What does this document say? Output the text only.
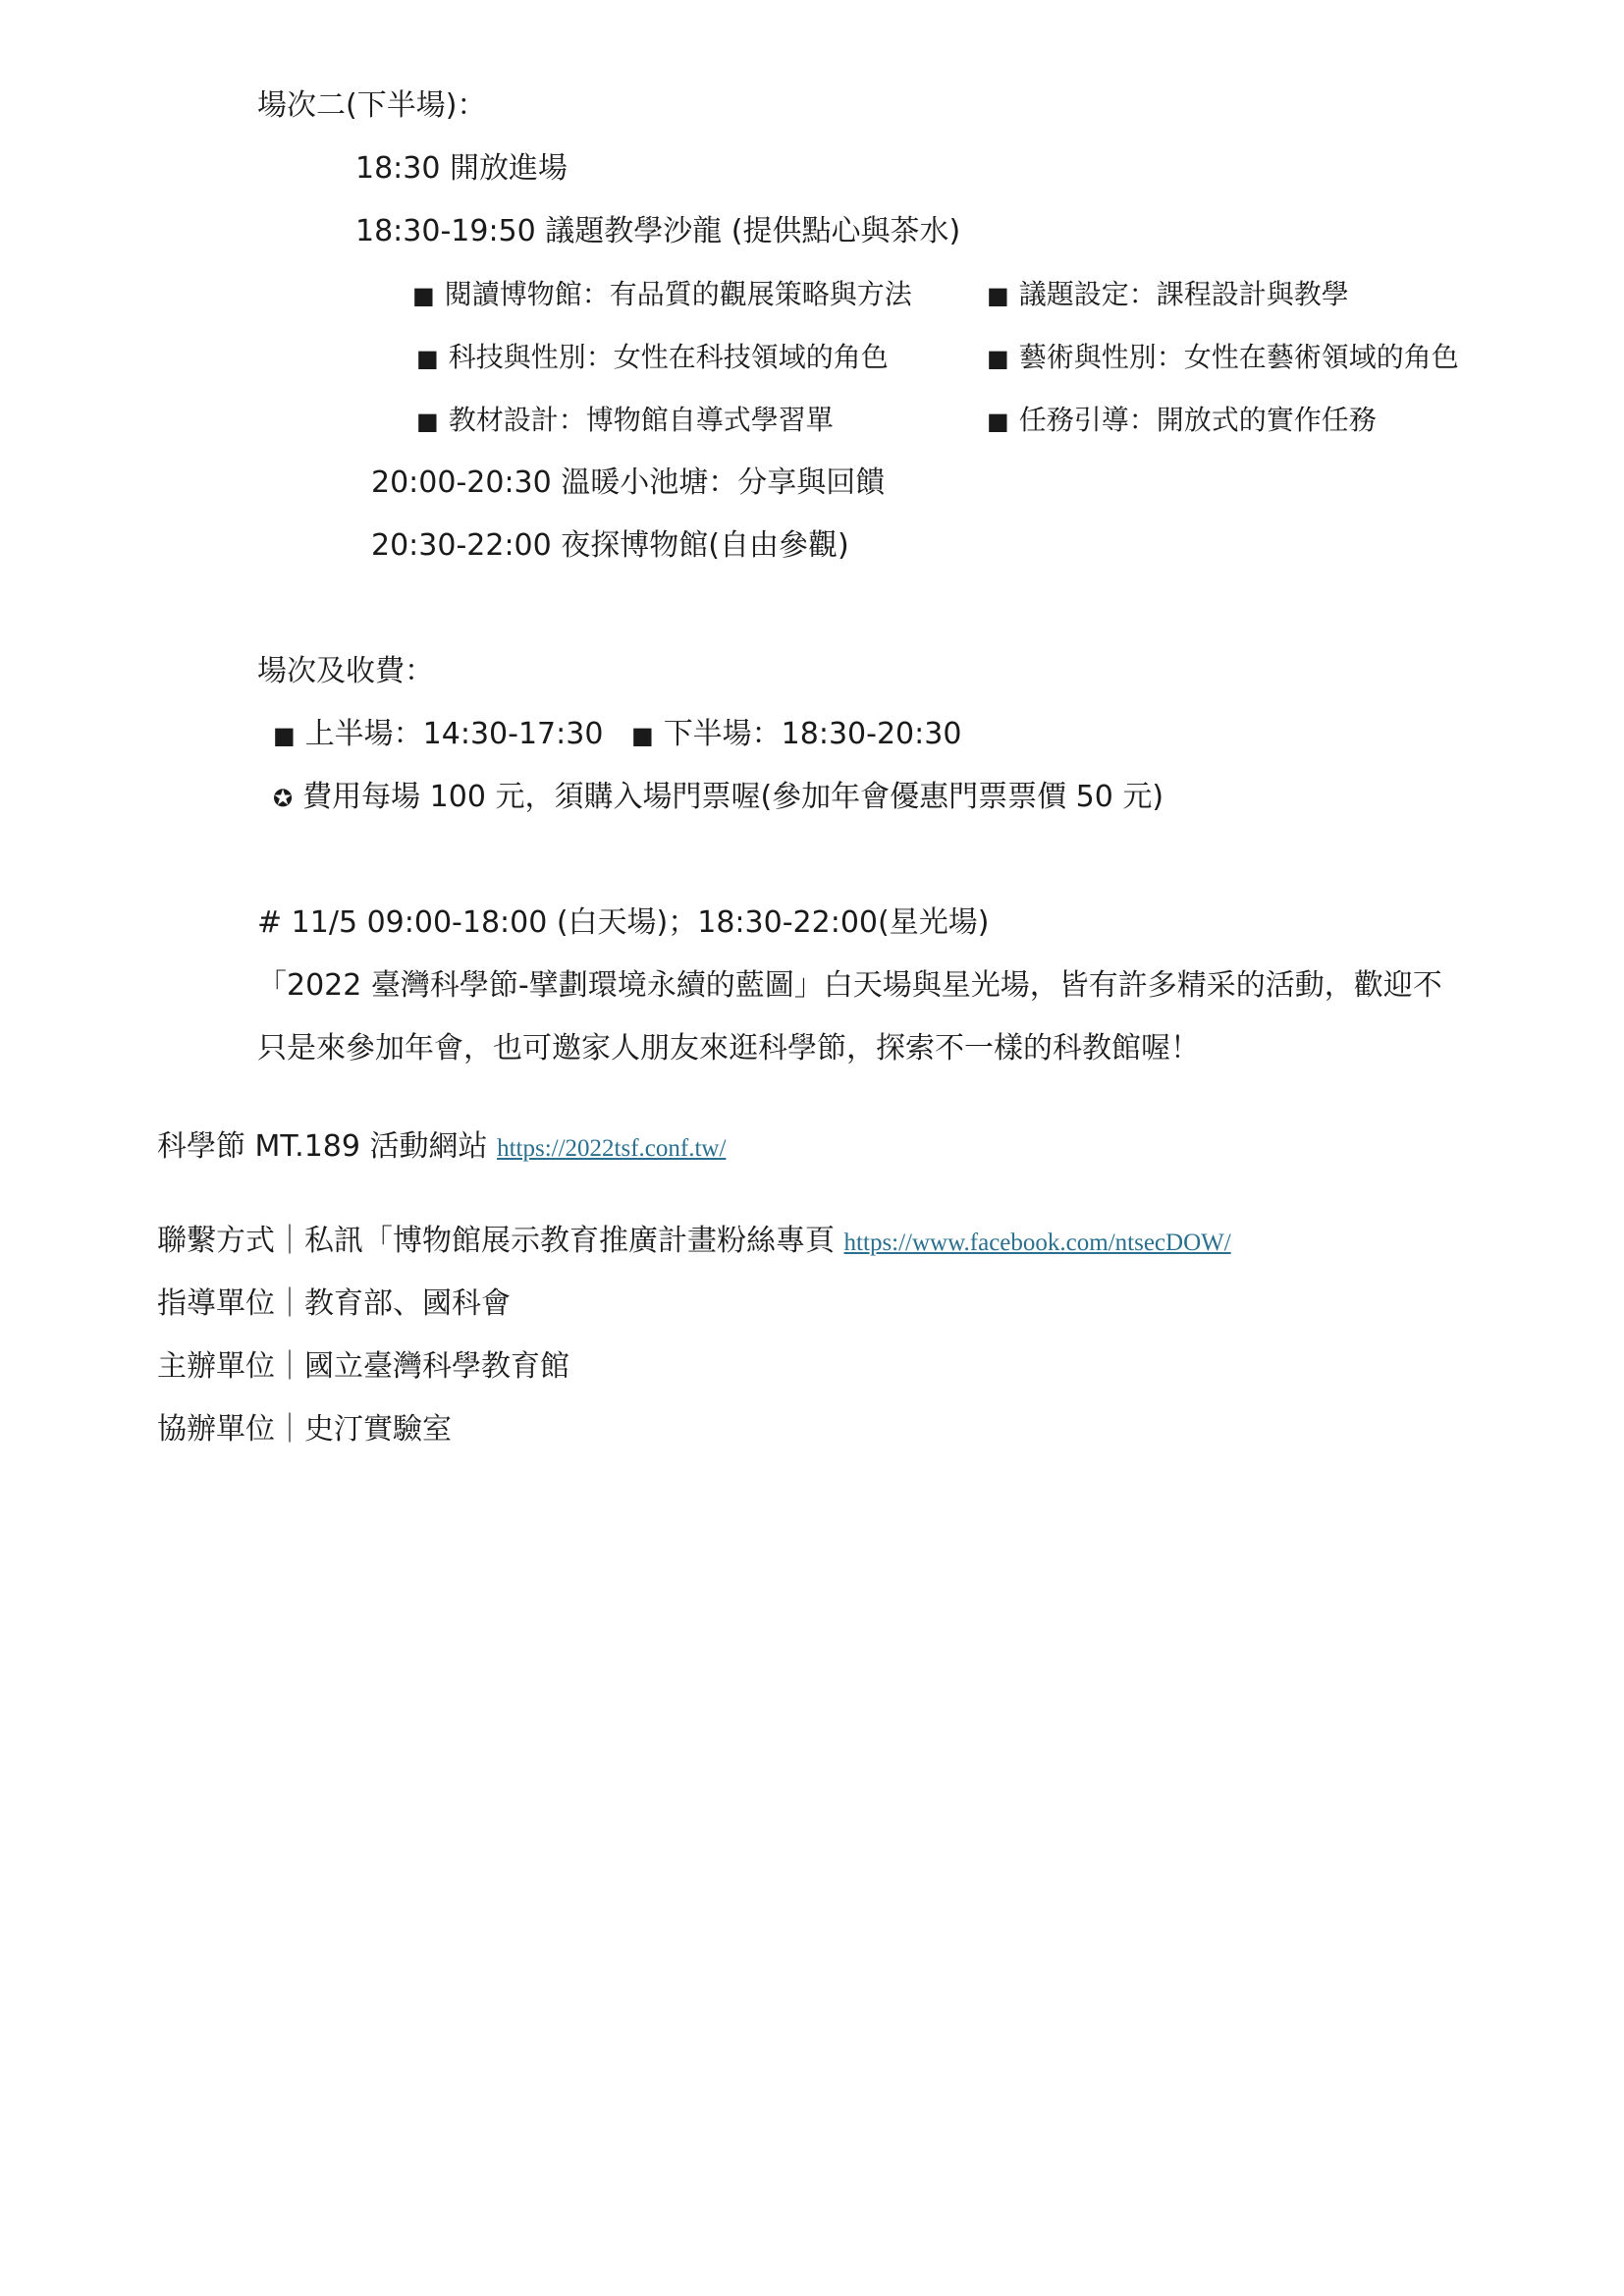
場次二(下半場)：
18:30 開放進場
18:30-19:50 議題教學沙龍 (提供點心與茶水)
■ 閱讀博物館：有品質的觀展策略與方法	■ 議題設定：課程設計與教學
■ 科技與性別：女性在科技領域的角色	■ 藝術與性別：女性在藝術領域的角色
■ 教材設計：博物館自導式學習單	■ 任務引導：開放式的實作任務
20:00-20:30 溫暖小池塘：分享與回饋
20:30-22:00 夜探博物館(自由參觀)
場次及收費：
■ 上半場：14:30-17:30 ■ 下半場：18:30-20:30
✪ 費用每場 100 元，須購入場門票喔(參加年會優惠門票票價 50 元)
# 11/5 09:00-18:00 (白天場)；18:30-22:00(星光場)
「2022 臺灣科學節-擘劃環境永續的藍圖」白天場與星光場，皆有許多精采的活動，歡迎不
只是來參加年會，也可邀家人朋友來逛科學節，探索不一樣的科教館喔！
科學節 MT.189 活動網站 https://2022tsf.conf.tw/
聯繫方式｜私訊「博物館展示教育推廣計畫粉絲專頁 https://www.facebook.com/ntsecDOW/
指導單位｜教育部、國科會
主辦單位｜國立臺灣科學教育館
協辦單位｜史汀實驗室
